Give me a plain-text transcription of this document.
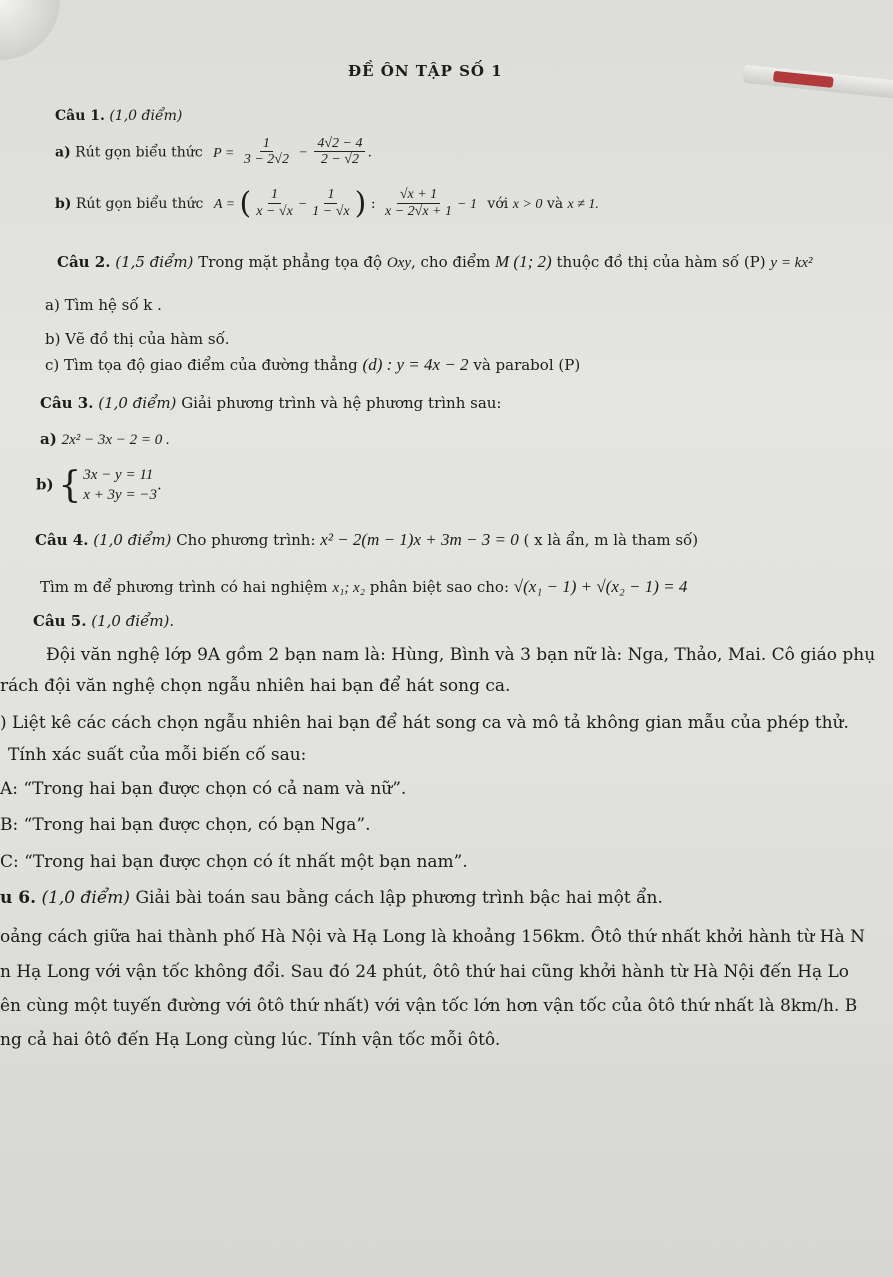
ĐỀ ÔN TẬP SỐ 1
Câu 1. (1,0 điểm)
a) Rút gọn biểu thức $P = \frac{1}{3 - 2√2} - \frac{4√2 - 4}{2 - √2}$ .
b) Rút gọn biểu thức A = ( $\frac{1}{x - √x} - \frac{1}{1 - √x}$ ) : $\frac{√x + 1}{x - 2√x + 1} - 1$ với x > 0 và x ≠ 1.
Câu 2. (1,5 điểm) Trong mặt phẳng tọa độ Oxy, cho điểm M (1; 2) thuộc đồ thị của hàm số (P) y = kx²
a) Tìm hệ số k .
b) Vẽ đồ thị của hàm số.
c) Tìm tọa độ giao điểm của đường thẳng (d) : y = 4x − 2 và parabol (P)
Câu 3. (1,0 điểm) Giải phương trình và hệ phương trình sau:
a) 2x² − 3x − 2 = 0 .
b) { 3x − y = 11
x + 3y = −3
.
Câu 4. (1,0 điểm) Cho phương trình: x² − 2(m − 1)x + 3m − 3 = 0 ( x là ẩn, m là tham số)
Tìm m để phương trình có hai nghiệm x₁; x₂ phân biệt sao cho: √(x₁ − 1) + √(x₂ − 1) = 4
Câu 5. (1,0 điểm).
Đội văn nghệ lớp 9A gồm 2 bạn nam là: Hùng, Bình và 3 bạn nữ là: Nga, Thảo, Mai. Cô giáo phụ
rách đội văn nghệ chọn ngẫu nhiên hai bạn để hát song ca.
) Liệt kê các cách chọn ngẫu nhiên hai bạn để hát song ca và mô tả không gian mẫu của phép thử.
Tính xác suất của mỗi biến cố sau:
A: “Trong hai bạn được chọn có cả nam và nữ”.
B: “Trong hai bạn được chọn, có bạn Nga”.
C: “Trong hai bạn được chọn có ít nhất một bạn nam”.
u 6. (1,0 điểm) Giải bài toán sau bằng cách lập phương trình bậc hai một ẩn.
oảng cách giữa hai thành phố Hà Nội và Hạ Long là khoảng 156km. Ôtô thứ nhất khởi hành từ Hà N
n Hạ Long với vận tốc không đổi. Sau đó 24 phút, ôtô thứ hai cũng khởi hành từ Hà Nội đến Hạ Lo
ên cùng một tuyến đường với ôtô thứ nhất) với vận tốc lớn hơn vận tốc của ôtô thứ nhất là 8km/h. B
ng cả hai ôtô đến Hạ Long cùng lúc. Tính vận tốc mỗi ôtô.
